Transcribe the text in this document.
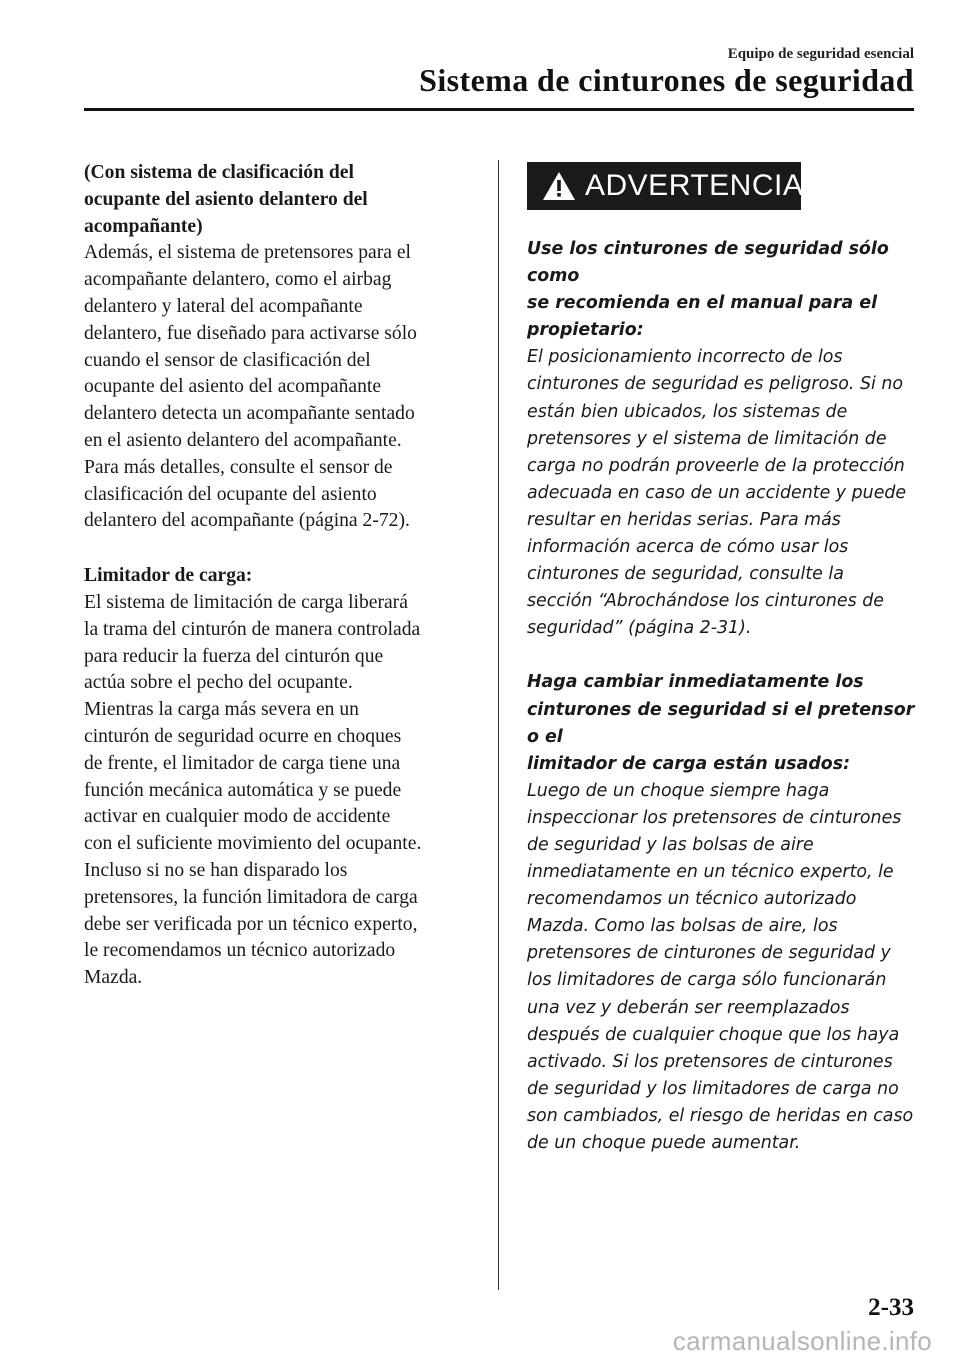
Equipo de seguridad esencial
Sistema de cinturones de seguridad

(Con sistema de clasificación del

ocupante del asiento delantero del

acompañante)

Además, el sistema de pretensores para el

acompañante delantero, como el airbag

delantero y lateral del acompañante

delantero, fue diseñado para activarse sólo

cuando el sensor de clasificación del

ocupante del asiento del acompañante

delantero detecta un acompañante sentado

en el asiento delantero del acompañante.

Para más detalles, consulte el sensor de

clasificación del ocupante del asiento

delantero del acompañante (página 2-72).

Limitador de carga:

El sistema de limitación de carga liberará

la trama del cinturón de manera controlada

para reducir la fuerza del cinturón que

actúa sobre el pecho del ocupante.

Mientras la carga más severa en un

cinturón de seguridad ocurre en choques

de frente, el limitador de carga tiene una

función mecánica automática y se puede

activar en cualquier modo de accidente

con el suficiente movimiento del ocupante.

Incluso si no se han disparado los

pretensores, la función limitadora de carga

debe ser verificada por un técnico experto,

le recomendamos un técnico autorizado

Mazda.

ADVERTENCIA

Use los cinturones de seguridad sólo como

se recomienda en el manual para el

propietario:

El posicionamiento incorrecto de los

cinturones de seguridad es peligroso. Si no

están bien ubicados, los sistemas de

pretensores y el sistema de limitación de

carga no podrán proveerle de la protección

adecuada en caso de un accidente y puede

resultar en heridas serias. Para más

información acerca de cómo usar los

cinturones de seguridad, consulte la

sección “Abrochándose los cinturones de

seguridad” (página 2-31).

Haga cambiar inmediatamente los

cinturones de seguridad si el pretensor o el

limitador de carga están usados:

Luego de un choque siempre haga

inspeccionar los pretensores de cinturones

de seguridad y las bolsas de aire

inmediatamente en un técnico experto, le

recomendamos un técnico autorizado

Mazda. Como las bolsas de aire, los

pretensores de cinturones de seguridad y

los limitadores de carga sólo funcionarán

una vez y deberán ser reemplazados

después de cualquier choque que los haya

activado. Si los pretensores de cinturones

de seguridad y los limitadores de carga no

son cambiados, el riesgo de heridas en caso

de un choque puede aumentar.

2-33
carmanualsonline.info
